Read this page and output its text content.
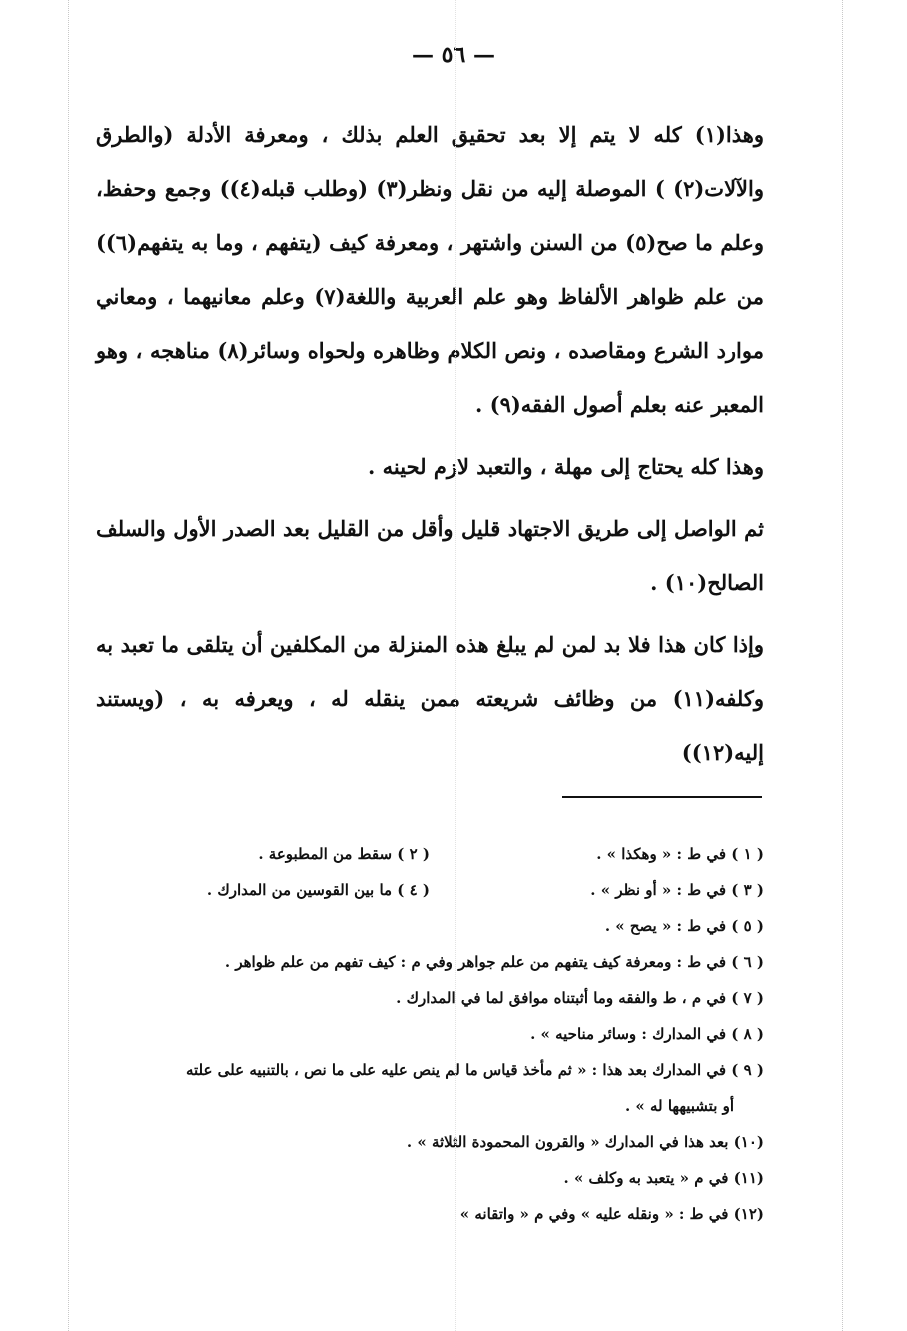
— ٥٦ —

وهذا(١) كله لا يتم إلا بعد تحقيق العلم بذلك ، ومعرفة الأدلة (والطرق والآلات(٢) ) الموصلة إليه من نقل ونظر(٣) (وطلب قبله(٤)) وجمع وحفظ، وعلم ما صح(٥) من السنن واشتهر ، ومعرفة كيف (يتفهم ، وما به يتفهم(٦)) من علم ظواهر الألفاظ وهو علم العربية واللغة(٧) وعلم معانيهما ، ومعاني موارد الشرع ومقاصده ، ونص الكلام وظاهره ولحواه وسائر(٨) مناهجه ، وهو المعبر عنه بعلم أصول الفقه(٩) .

وهذا كله يحتاج إلى مهلة ، والتعبد لازم لحينه .

ثم الواصل إلى طريق الاجتهاد قليل وأقل من القليل بعد الصدر الأول والسلف الصالح(١٠) .

وإذا كان هذا فلا بد لمن لم يبلغ هذه المنزلة من المكلفين أن يتلقى ما تعبد به وكلفه(١١) من وظائف شريعته ممن ينقله له ، ويعرفه به ، (ويستند إليه(١٢))

( ١ ) في ط : « وهكذا » .
( ٢ ) سقط من المطبوعة .
( ٣ ) في ط : « أو نظر » .
( ٤ ) ما بين القوسين من المدارك .
( ٥ ) في ط : « يصح » .
( ٦ ) في ط : ومعرفة كيف يتفهم من علم جواهر وفي م : كيف تفهم من علم ظواهر .
( ٧ ) في م ، ط والفقه وما أثبتناه موافق لما في المدارك .
( ٨ ) في المدارك : وسائر مناحيه » .
( ٩ ) في المدارك بعد هذا : « ثم مأخذ قياس ما لم ينص عليه على ما نص ، بالتنبيه على علته
أو بتشبيهها له » .
(١٠) بعد هذا في المدارك « والقرون المحمودة الثلاثة » .
(١١) في م « يتعبد به وكلف » .
(١٢) في ط : « ونقله عليه » وفي م « واتقانه »
